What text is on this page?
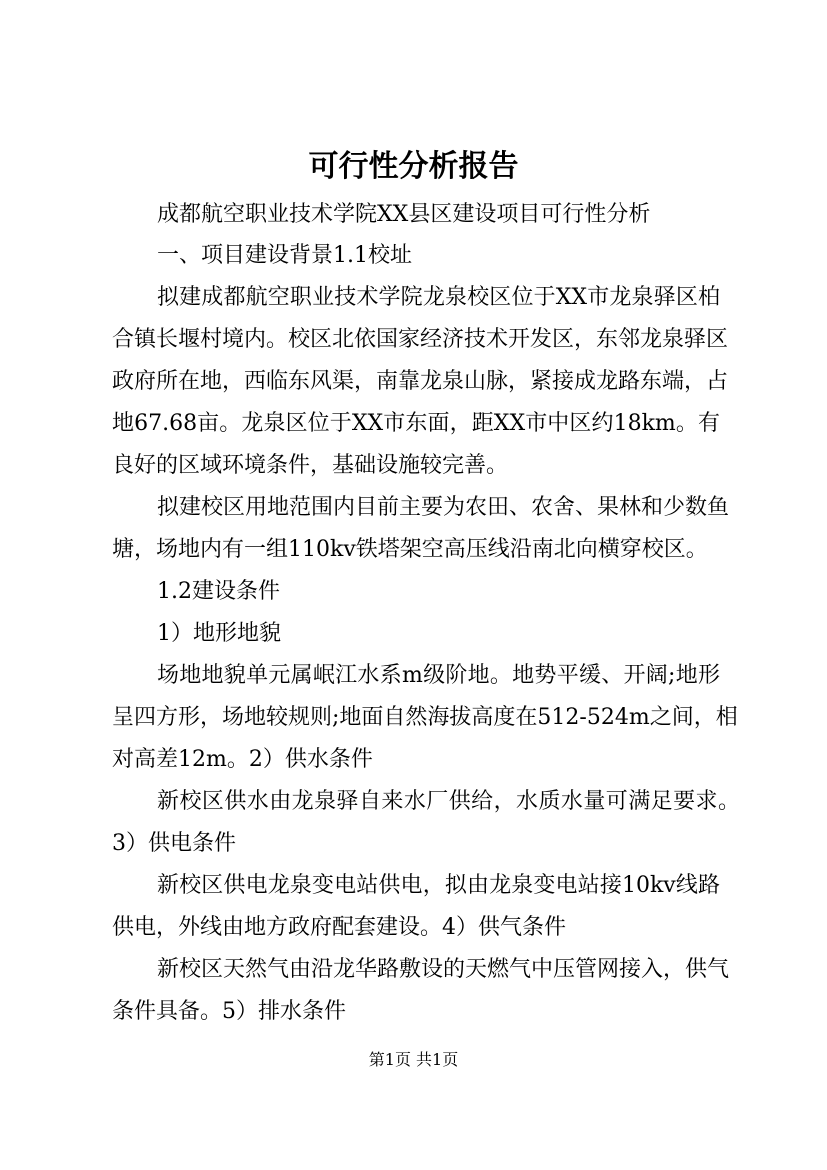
可行性分析报告
成都航空职业技术学院XX县区建设项目可行性分析
一、项目建设背景1.1校址
拟建成都航空职业技术学院龙泉校区位于XX市龙泉驿区柏
合镇长堰村境内。校区北依国家经济技术开发区，东邻龙泉驿区
政府所在地，西临东风渠，南靠龙泉山脉，紧接成龙路东端，占
地67.68亩。龙泉区位于XX市东面，距XX市中区约18km。有
良好的区域环境条件，基础设施较完善。
拟建校区用地范围内目前主要为农田、农舍、果林和少数鱼
塘，场地内有一组110kv铁塔架空高压线沿南北向横穿校区。
1.2建设条件
1）地形地貌
场地地貌单元属岷江水系m级阶地。地势平缓、开阔;地形
呈四方形，场地较规则;地面自然海拔高度在512-524m之间，相
对高差12m。2）供水条件
新校区供水由龙泉驿自来水厂供给，水质水量可满足要求。
3）供电条件
新校区供电龙泉变电站供电，拟由龙泉变电站接10kv线路
供电，外线由地方政府配套建设。4）供气条件
新校区天然气由沿龙华路敷设的天燃气中压管网接入，供气
条件具备。5）排水条件
第1页 共1页
